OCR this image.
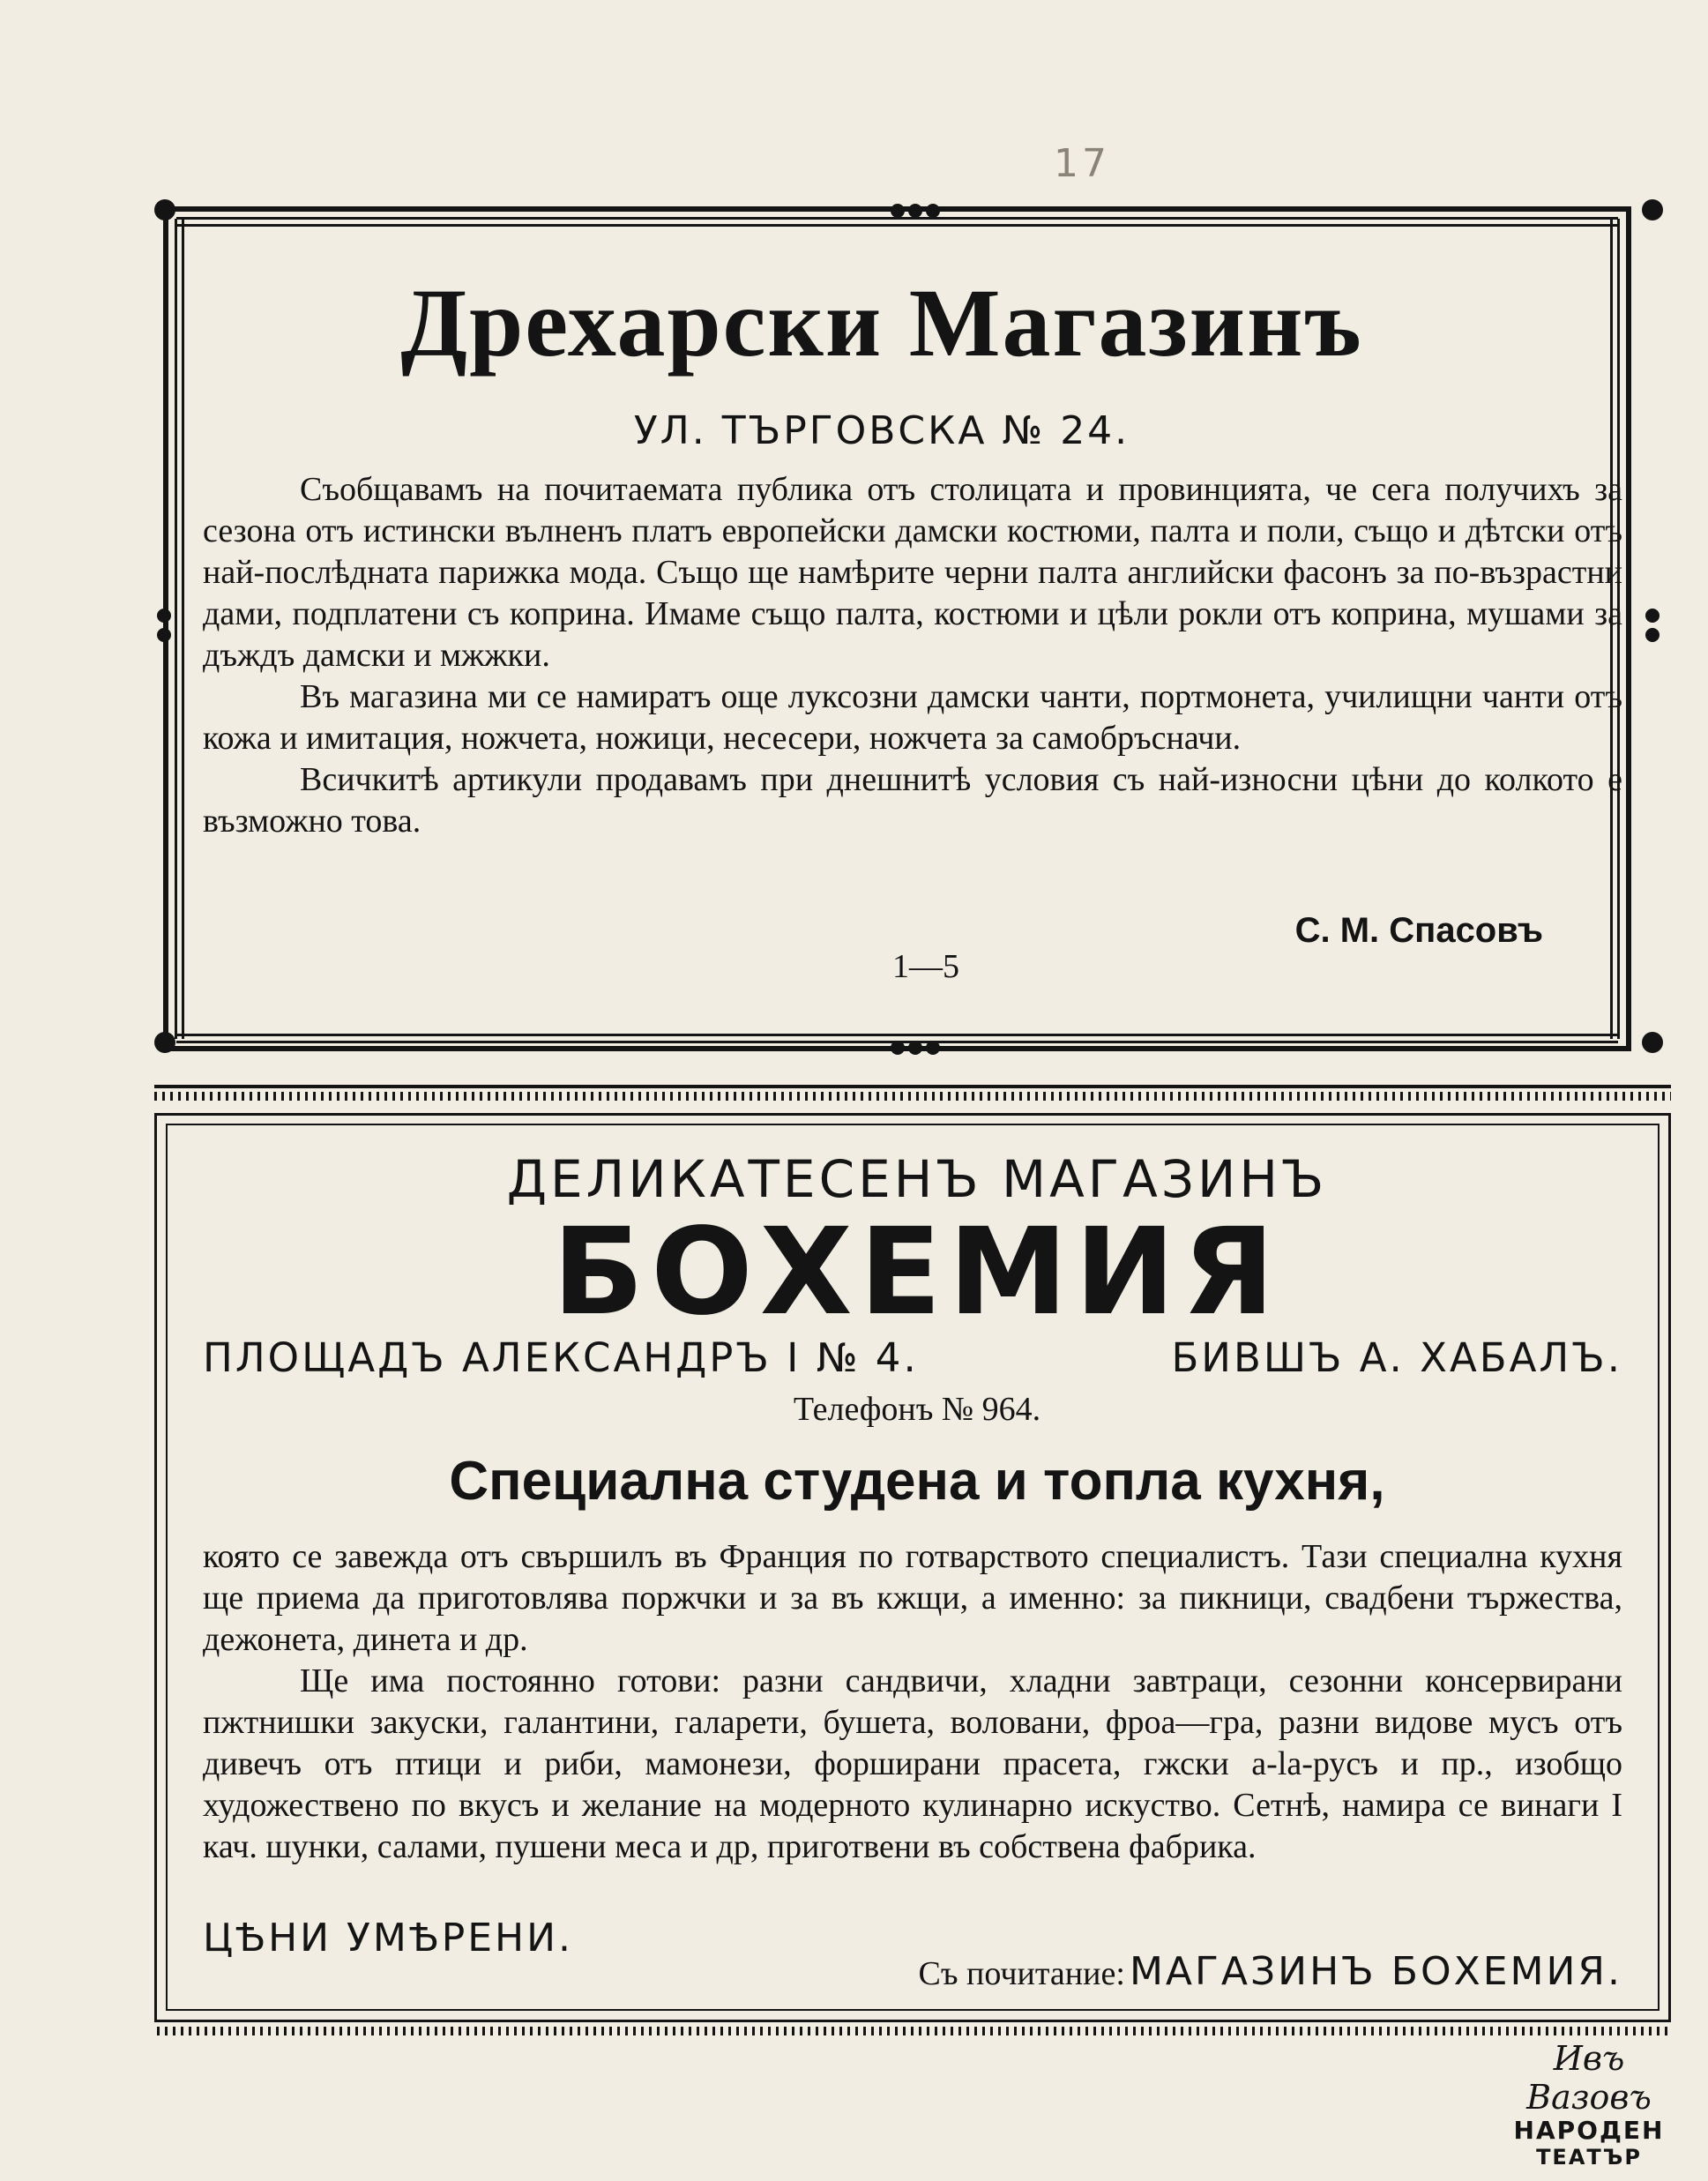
17
Дрехарски Магазинъ
УЛ. ТЪРГОВСКА № 24.

Съобщавамъ на почитаемата публика отъ столицата и провинцията, че сега получихъ за сезона отъ истински вълненъ платъ европейски дамски костюми, палта и поли, също и дѣтски отъ най-послѣдната парижка мода. Също ще намѣрите черни палта английски фасонъ за по-възрастни дами, подплатени съ коприна. Имаме също палта, костюми и цѣли рокли отъ коприна, мушами за дъждъ дамски и мжжки.

Въ магазина ми се намиратъ още луксозни дамски чанти, портмонета, училищни чанти отъ кожа и имитация, ножчета, ножици, несесери, ножчета за самобръсначи.

Всичкитѣ артикули продавамъ при днешнитѣ условия съ най-износни цѣни до колкото е възможно това.

С. М. Спасовъ
1—5
ДЕЛИКАТЕСЕНЪ МАГАЗИНЪ
БОХЕМИЯ
ПЛОЩАДЪ АЛЕКСАНДРЪ I № 4.	БИВШЪ А. ХАБАЛЪ.
Телефонъ № 964.
Специална студена и топла кухня,

която се завежда отъ свършилъ въ Франция по готварството специалистъ. Тази специална кухня ще приема да приготовлява поржчки и за въ кжщи, а именно: за пикници, свадбени тържества, дежонета, динета и др.

Ще има постоянно готови: разни сандвичи, хладни завтраци, сезонни консервирани пжтнишки закуски, галантини, галарети, бушета, воловани, фроа—гра, разни видове мусъ отъ дивечъ отъ птици и риби, мамонези, форширани прасета, гжски а-la-русъ и пр., изобщо художествено по вкусъ и желание на модерното кулинарно искуство. Сетнѣ, намира се винаги I кач. шунки, салами, пушени меса и др, приготвени въ собствена фабрика.

ЦѢНИ УМѢРЕНИ.
Съ почитание: МАГАЗИНЪ БОХЕМИЯ.
Ивъ Вазовъ
НАРОДЕН
ТЕАТЪР
